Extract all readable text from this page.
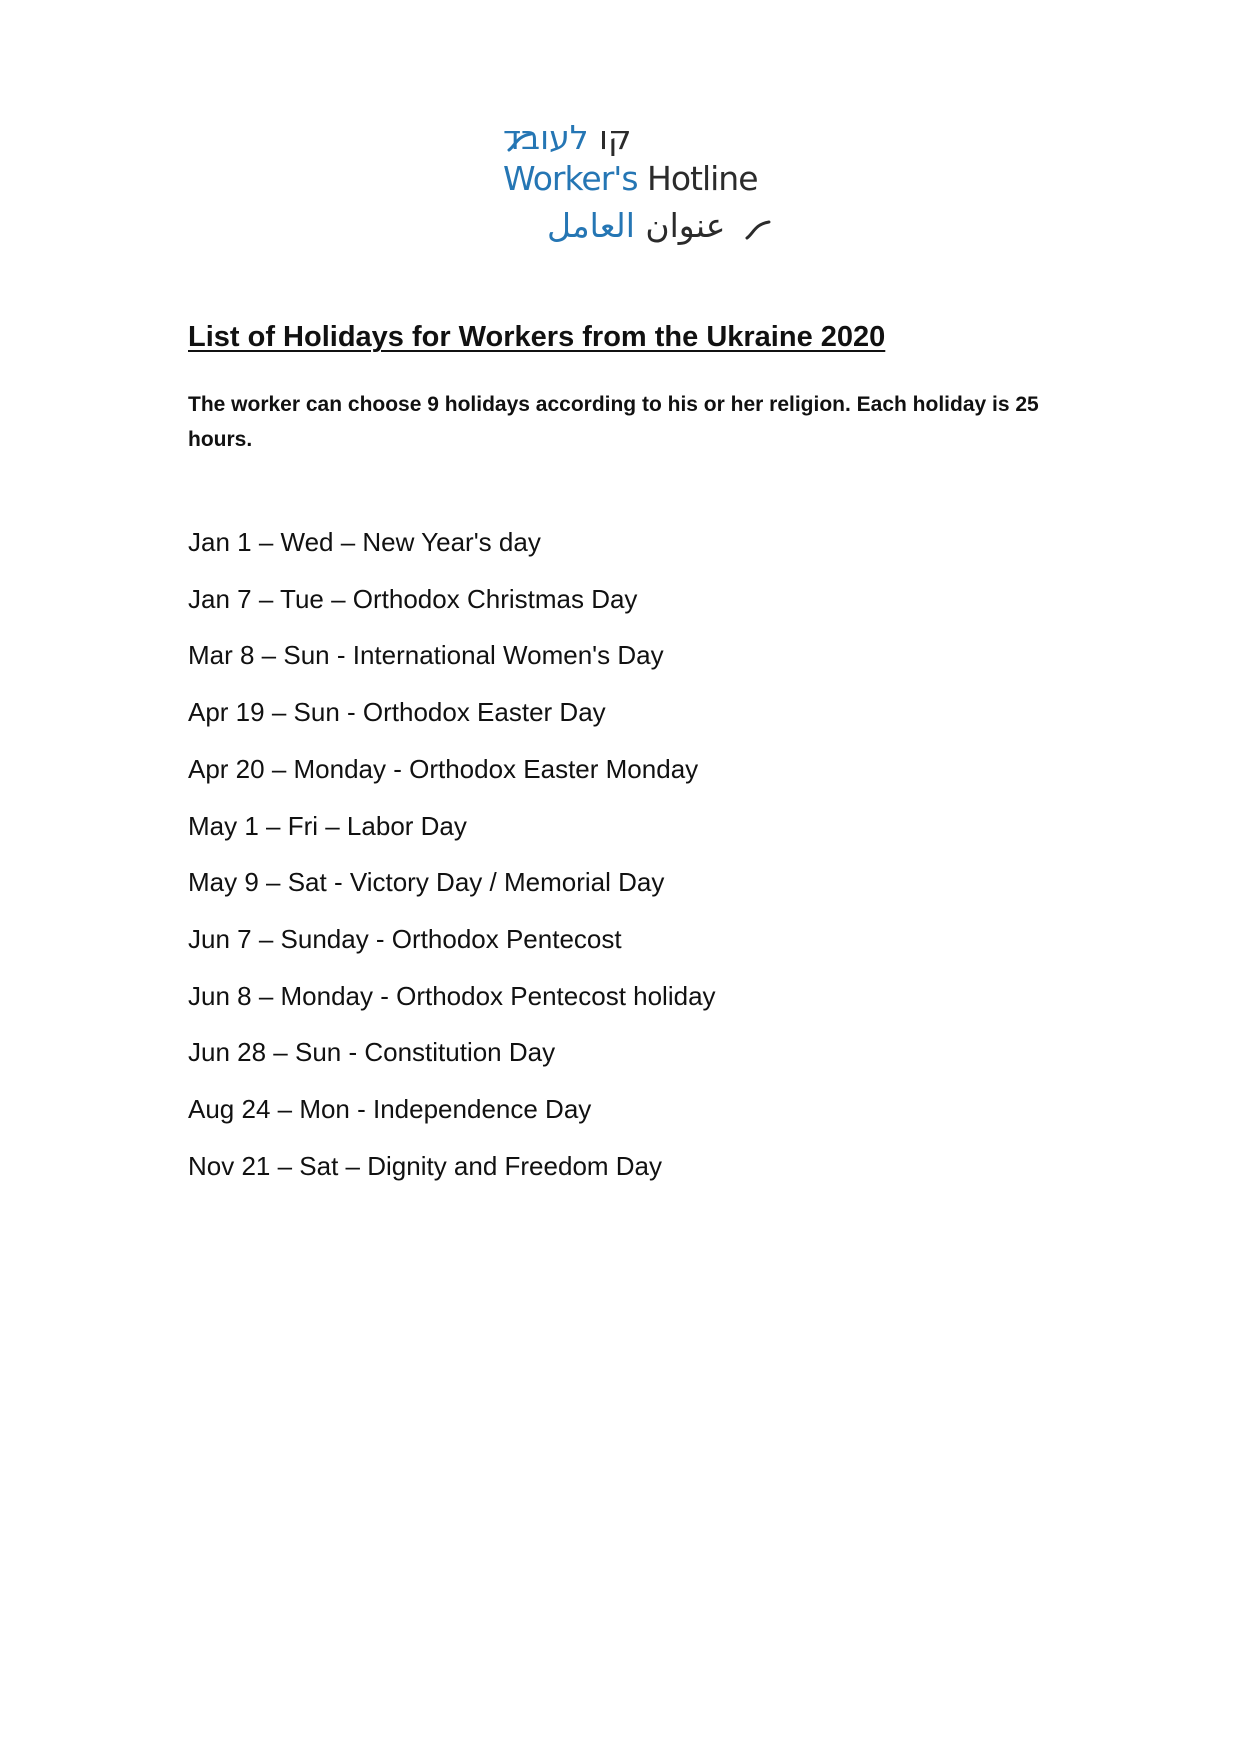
קו לעובד
Worker's Hotline
عنوان العامل
List of Holidays for Workers from the Ukraine 2020

The worker can choose 9 holidays according to his or her religion. Each holiday is 25 hours.

Jan 1 – Wed – New Year's day
Jan 7 – Tue – Orthodox Christmas Day
Mar 8 – Sun - International Women's Day
Apr 19 – Sun - Orthodox Easter Day
Apr 20 – Monday - Orthodox Easter Monday
May 1 – Fri – Labor Day
May 9 – Sat - Victory Day / Memorial Day
Jun 7 – Sunday - Orthodox Pentecost
Jun 8 – Monday - Orthodox Pentecost holiday
Jun 28 – Sun - Constitution Day
Aug 24 – Mon - Independence Day
Nov 21 – Sat – Dignity and Freedom Day
